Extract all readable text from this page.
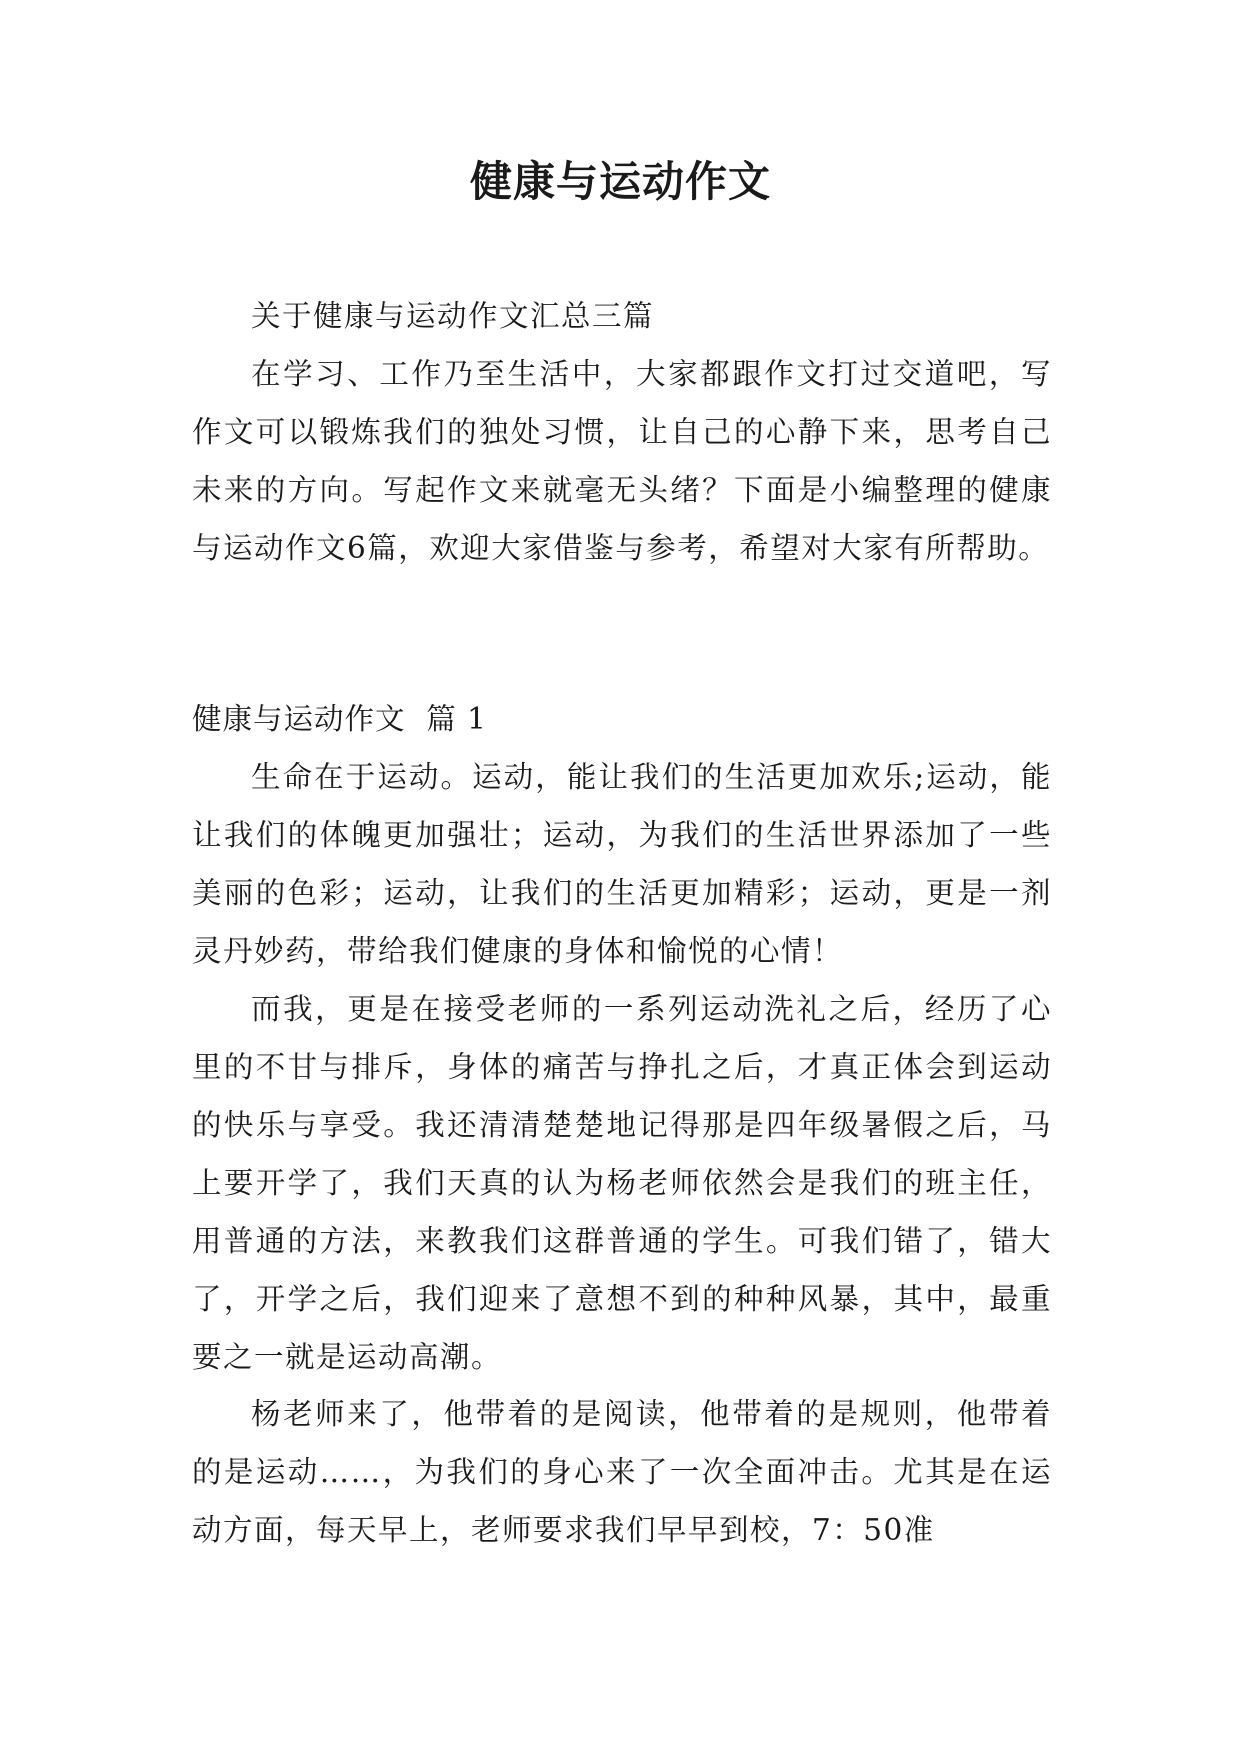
健康与运动作文

关于健康与运动作文汇总三篇

在学习、工作乃至生活中，大家都跟作文打过交道吧，写作文可以锻炼我们的独处习惯，让自己的心静下来，思考自己未来的方向。写起作文来就毫无头绪？下面是小编整理的健康与运动作文6篇，欢迎大家借鉴与参考，希望对大家有所帮助。

健康与运动作文  篇 1

生命在于运动。运动，能让我们的生活更加欢乐;运动，能让我们的体魄更加强壮；运动，为我们的生活世界添加了一些美丽的色彩；运动，让我们的生活更加精彩；运动，更是一剂灵丹妙药，带给我们健康的身体和愉悦的心情！

而我，更是在接受老师的一系列运动洗礼之后，经历了心里的不甘与排斥，身体的痛苦与挣扎之后，才真正体会到运动的快乐与享受。我还清清楚楚地记得那是四年级暑假之后，马上要开学了，我们天真的认为杨老师依然会是我们的班主任，用普通的方法，来教我们这群普通的学生。可我们错了，错大了，开学之后，我们迎来了意想不到的种种风暴，其中，最重要之一就是运动高潮。

杨老师来了，他带着的是阅读，他带着的是规则，他带着的是运动……，为我们的身心来了一次全面冲击。尤其是在运动方面，每天早上，老师要求我们早早到校，7：50准
